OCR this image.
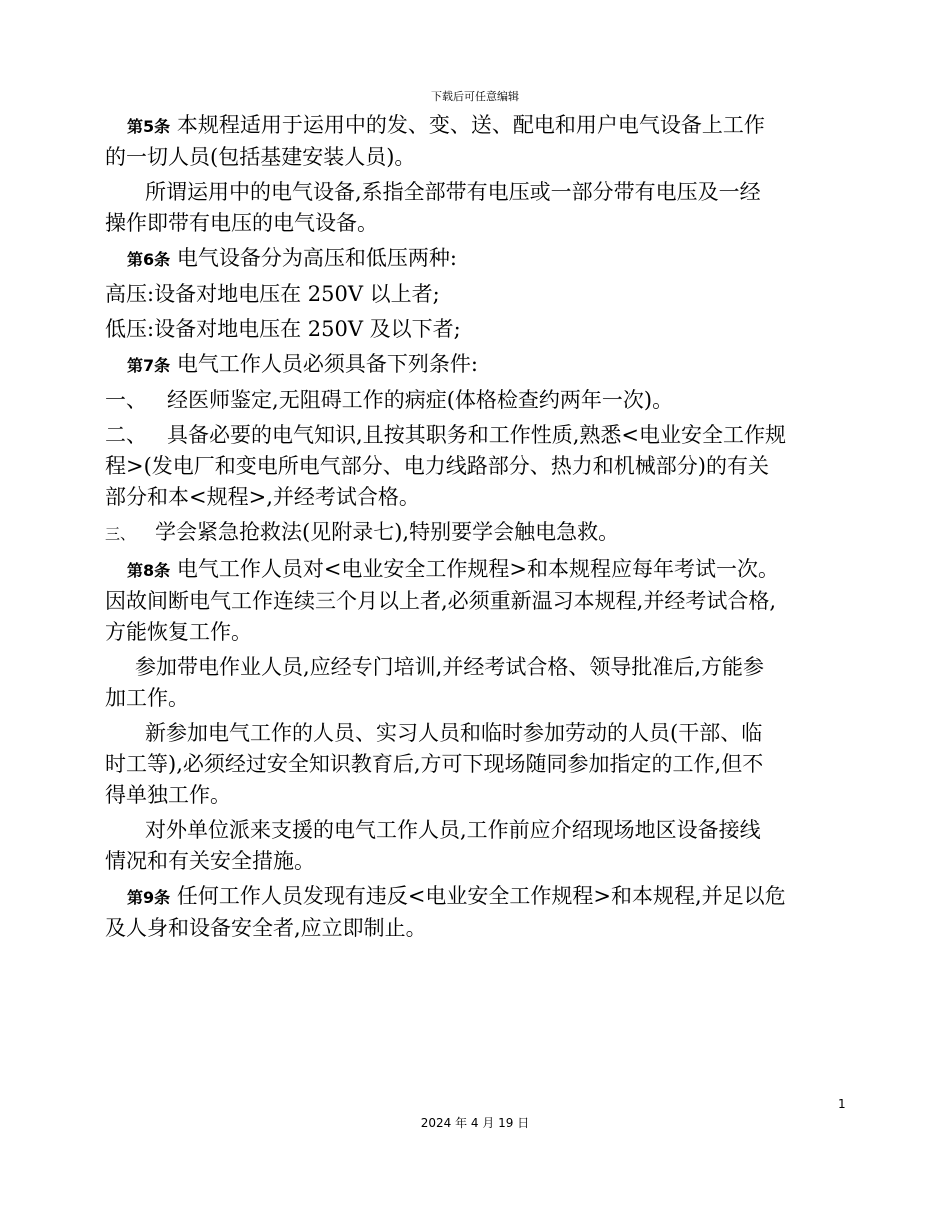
下载后可任意编辑
第5条 本规程适用于运用中的发、变、送、配电和用户电气设备上工作
的一切人员(包括基建安装人员)。
所谓运用中的电气设备,系指全部带有电压或一部分带有电压及一经
操作即带有电压的电气设备。
第6条 电气设备分为高压和低压两种:
高压:设备对地电压在 250V 以上者;
低压:设备对地电压在 250V 及以下者;
第7条 电气工作人员必须具备下列条件:
一、   经医师鉴定,无阻碍工作的病症(体格检查约两年一次)。
二、   具备必要的电气知识,且按其职务和工作性质,熟悉<电业安全工作规
程>(发电厂和变电所电气部分、电力线路部分、热力和机械部分)的有关
部分和本<规程>,并经考试合格。
三、   学会紧急抢救法(见附录七),特别要学会触电急救。
第8条 电气工作人员对<电业安全工作规程>和本规程应每年考试一次。
因故间断电气工作连续三个月以上者,必须重新温习本规程,并经考试合格,
方能恢复工作。
参加带电作业人员,应经专门培训,并经考试合格、领导批准后,方能参
加工作。
新参加电气工作的人员、实习人员和临时参加劳动的人员(干部、临
时工等),必须经过安全知识教育后,方可下现场随同参加指定的工作,但不
得单独工作。
对外单位派来支援的电气工作人员,工作前应介绍现场地区设备接线
情况和有关安全措施。
第9条 任何工作人员发现有违反<电业安全工作规程>和本规程,并足以危
及人身和设备安全者,应立即制止。
1
2024 年 4 月 19 日
